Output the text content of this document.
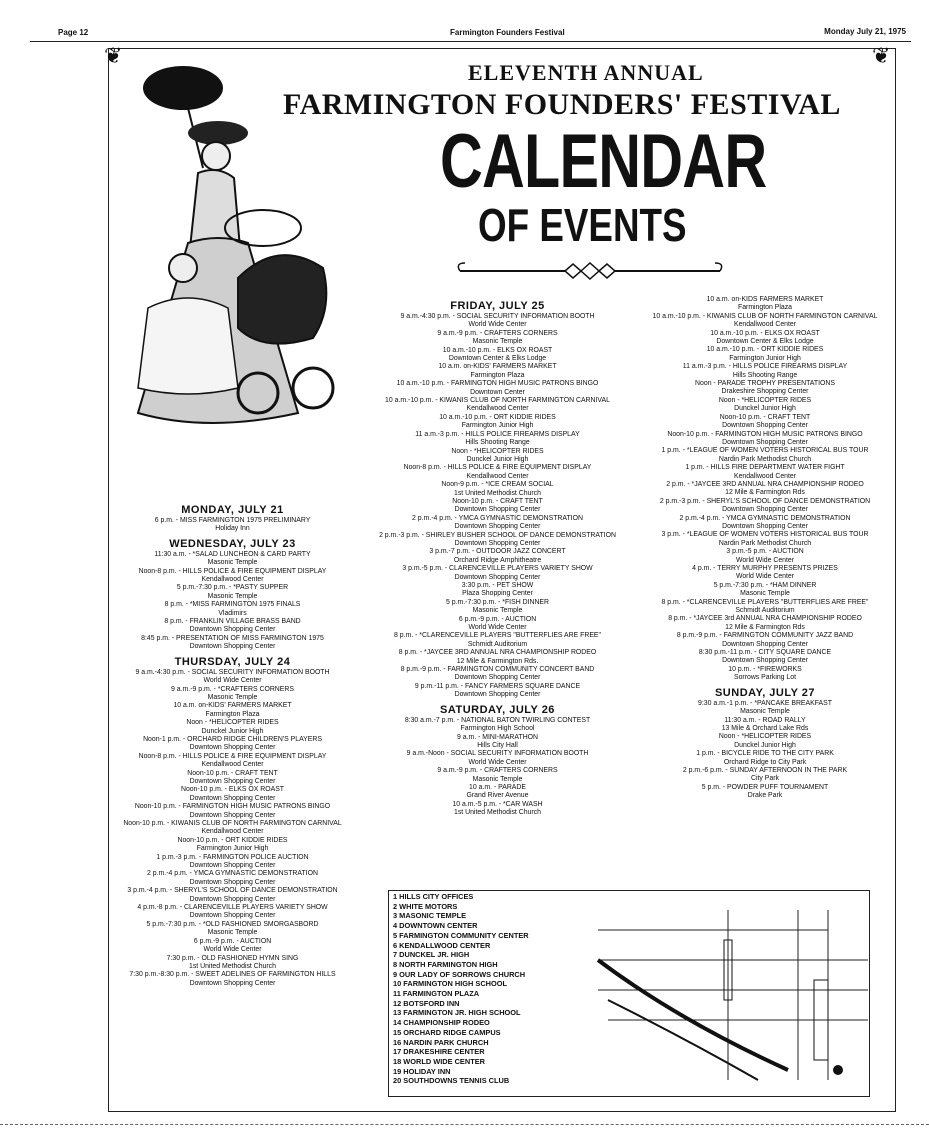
Page 12	Farmington Founders Festival	Monday July 21, 1975
❦	❦
ELEVENTH ANNUAL
FARMINGTON FOUNDERS' FESTIVAL
CALENDAR
OF EVENTS
MONDAY, JULY 21
6 p.m. - MISS FARMINGTON 1975 PRELIMINARY
Holiday Inn
WEDNESDAY, JULY 23
11:30 a.m. - *SALAD LUNCHEON & CARD PARTY
Masonic Temple
Noon-8 p.m. - HILLS POLICE & FIRE EQUIPMENT DISPLAY
Kendallwood Center
5 p.m.-7:30 p.m. - *PASTY SUPPER
Masonic Temple
8 p.m. - *MISS FARMINGTON 1975 FINALS
Vladimirs
8 p.m. - FRANKLIN VILLAGE BRASS BAND
Downtown Shopping Center
8:45 p.m. - PRESENTATION OF MISS FARMINGTON 1975
Downtown Shopping Center
THURSDAY, JULY 24
9 a.m.-4:30 p.m. - SOCIAL SECURITY INFORMATION BOOTH
World Wide Center
9 a.m.-9 p.m. - *CRAFTERS CORNERS
Masonic Temple
10 a.m. on-KIDS' FARMERS MARKET
Farmington Plaza
Noon - *HELICOPTER RIDES
Dunckel Junior High
Noon-1 p.m. - ORCHARD RIDGE CHILDREN'S PLAYERS
Downtown Shopping Center
Noon-8 p.m. - HILLS POLICE & FIRE EQUIPMENT DISPLAY
Kendallwood Center
Noon-10 p.m. - CRAFT TENT
Downtown Shopping Center
Noon-10 p.m. - ELKS OX ROAST
Downtown Shopping Center
Noon-10 p.m. - FARMINGTON HIGH MUSIC PATRONS BINGO
Downtown Shopping Center
Noon-10 p.m. - KIWANIS CLUB OF NORTH FARMINGTON CARNIVAL
Kendallwood Center
Noon-10 p.m. - ORT KIDDIE RIDES
Farmington Junior High
1 p.m.-3 p.m. - FARMINGTON POLICE AUCTION
Downtown Shopping Center
2 p.m.-4 p.m. - YMCA GYMNASTIC DEMONSTRATION
Downtown Shopping Center
3 p.m.-4 p.m. - SHERYL'S SCHOOL OF DANCE DEMONSTRATION
Downtown Shopping Center
4 p.m.-8 p.m. - CLARENCEVILLE PLAYERS VARIETY SHOW
Downtown Shopping Center
5 p.m.-7:30 p.m. - *OLD FASHIONED SMORGASBORD
Masonic Temple
6 p.m.-9 p.m. - AUCTION
World Wide Center
7:30 p.m. - OLD FASHIONED HYMN SING
1st United Methodist Church
7:30 p.m.-8:30 p.m. - SWEET ADELINES OF FARMINGTON HILLS
Downtown Shopping Center
FRIDAY, JULY 25
9 a.m.-4:30 p.m. - SOCIAL SECURITY INFORMATION BOOTH
World Wide Center
9 a.m.-9 p.m. - CRAFTERS CORNERS
Masonic Temple
10 a.m.-10 p.m. - ELKS OX ROAST
Downtown Center & Elks Lodge
10 a.m. on-KIDS' FARMERS MARKET
Farmington Plaza
10 a.m.-10 p.m. - FARMINGTON HIGH MUSIC PATRONS BINGO
Downtown Center
10 a.m.-10 p.m. - KIWANIS CLUB OF NORTH FARMINGTON CARNIVAL
Kendallwood Center
10 a.m.-10 p.m. - ORT KIDDIE RIDES
Farmington Junior High
11 a.m.-3 p.m. - HILLS POLICE FIREARMS DISPLAY
Hills Shooting Range
Noon - *HELICOPTER RIDES
Dunckel Junior High
Noon-8 p.m. - HILLS POLICE & FIRE EQUIPMENT DISPLAY
Kendallwood Center
Noon-9 p.m. - *ICE CREAM SOCIAL
1st United Methodist Church
Noon-10 p.m. - CRAFT TENT
Downtown Shopping Center
2 p.m.-4 p.m. - YMCA GYMNASTIC DEMONSTRATION
Downtown Shopping Center
2 p.m.-3 p.m. - SHIRLEY BUSHER SCHOOL OF DANCE DEMONSTRATION
Downtown Shopping Center
3 p.m.-7 p.m. - OUTDOOR JAZZ CONCERT
Orchard Ridge Amphitheatre
3 p.m.-5 p.m. - CLARENCEVILLE PLAYERS VARIETY SHOW
Downtown Shopping Center
3:30 p.m. - PET SHOW
Plaza Shopping Center
5 p.m.-7:30 p.m. - *FISH DINNER
Masonic Temple
6 p.m.-9 p.m. - AUCTION
World Wide Center
8 p.m. - *CLARENCEVILLE PLAYERS "BUTTERFLIES ARE FREE"
Schmidt Auditorium
8 p.m. - *JAYCEE 3RD ANNUAL NRA CHAMPIONSHIP RODEO
12 Mile & Farmington Rds.
8 p.m.-9 p.m. - FARMINGTON COMMUNITY CONCERT BAND
Downtown Shopping Center
9 p.m.-11 p.m. - FANCY FARMERS SQUARE DANCE
Downtown Shopping Center
SATURDAY, JULY 26
8:30 a.m.-7 p.m. - NATIONAL BATON TWIRLING CONTEST
Farmington High School
9 a.m. - MINI-MARATHON
Hills City Hall
9 a.m.-Noon - SOCIAL SECURITY INFORMATION BOOTH
World Wide Center
9 a.m.-9 p.m. - CRAFTERS CORNERS
Masonic Temple
10 a.m. - PARADE
Grand River Avenue
10 a.m.-5 p.m. - *CAR WASH
1st United Methodist Church
10 a.m. on-KIDS FARMERS MARKET
Farmington Plaza
10 a.m.-10 p.m. - KIWANIS CLUB OF NORTH FARMINGTON CARNIVAL
Kendallwood Center
10 a.m.-10 p.m. - ELKS OX ROAST
Downtown Center & Elks Lodge
10 a.m.-10 p.m. - ORT KIDDIE RIDES
Farmington Junior High
11 a.m.-3 p.m. - HILLS POLICE FIREARMS DISPLAY
Hills Shooting Range
Noon - PARADE TROPHY PRESENTATIONS
Drakeshire Shopping Center
Noon - *HELICOPTER RIDES
Dunckel Junior High
Noon-10 p.m. - CRAFT TENT
Downtown Shopping Center
Noon-10 p.m. - FARMINGTON HIGH MUSIC PATRONS BINGO
Downtown Shopping Center
1 p.m. - *LEAGUE OF WOMEN VOTERS HISTORICAL BUS TOUR
Nardin Park Methodist Church
1 p.m. - HILLS FIRE DEPARTMENT WATER FIGHT
Kendallwood Center
2 p.m. - *JAYCEE 3RD ANNUAL NRA CHAMPIONSHIP RODEO
12 Mile & Farmington Rds
2 p.m.-3 p.m. - SHERYL'S SCHOOL OF DANCE DEMONSTRATION
Downtown Shopping Center
2 p.m.-4 p.m. - YMCA GYMNASTIC DEMONSTRATION
Downtown Shopping Center
3 p.m. - *LEAGUE OF WOMEN VOTERS HISTORICAL BUS TOUR
Nardin Park Methodist Church
3 p.m.-5 p.m. - AUCTION
World Wide Center
4 p.m. - TERRY MURPHY PRESENTS PRIZES
World Wide Center
5 p.m.-7:30 p.m. - *HAM DINNER
Masonic Temple
8 p.m. - *CLARENCEVILLE PLAYERS "BUTTERFLIES ARE FREE"
Schmidt Auditorium
8 p.m. - *JAYCEE 3rd ANNUAL NRA CHAMPIONSHIP RODEO
12 Mile & Farmington Rds
8 p.m.-9 p.m. - FARMINGTON COMMUNITY JAZZ BAND
Downtown Shopping Center
8:30 p.m.-11 p.m. - CITY SQUARE DANCE
Downtown Shopping Center
10 p.m. - *FIREWORKS
Sorrows Parking Lot
SUNDAY, JULY 27
9:30 a.m.-1 p.m. - *PANCAKE BREAKFAST
Masonic Temple
11:30 a.m. - ROAD RALLY
13 Mile & Orchard Lake Rds
Noon - *HELICOPTER RIDES
Dunckel Junior High
1 p.m. - BICYCLE RIDE TO THE CITY PARK
Orchard Ridge to City Park
2 p.m.-6 p.m. - SUNDAY AFTERNOON IN THE PARK
City Park
5 p.m. - POWDER PUFF TOURNAMENT
Drake Park
1 HILLS CITY OFFICES
2 WHITE MOTORS
3 MASONIC TEMPLE
4 DOWNTOWN CENTER
5 FARMINGTON COMMUNITY CENTER
6 KENDALLWOOD CENTER
7 DUNCKEL JR. HIGH
8 NORTH FARMINGTON HIGH
9 OUR LADY OF SORROWS CHURCH
10 FARMINGTON HIGH SCHOOL
11 FARMINGTON PLAZA
12 BOTSFORD INN
13 FARMINGTON JR. HIGH SCHOOL
14 CHAMPIONSHIP RODEO
15 ORCHARD RIDGE CAMPUS
16 NARDIN PARK CHURCH
17 DRAKESHIRE CENTER
18 WORLD WIDE CENTER
19 HOLIDAY INN
20 SOUTHDOWNS TENNIS CLUB
